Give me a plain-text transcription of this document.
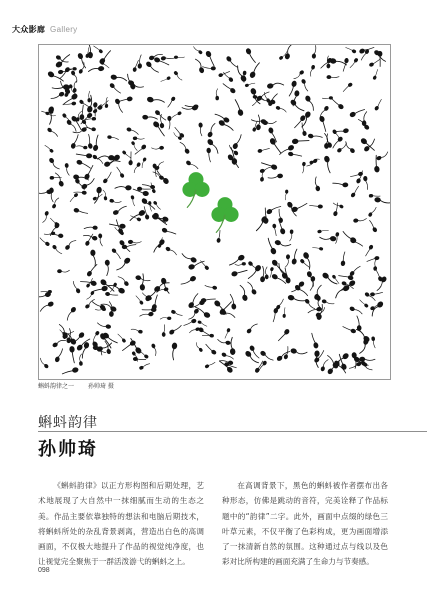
大众影廊 Gallery
蝌蚪韵律之一 孙帅琦 摄
蝌蚪韵律
孙帅琦
《蝌蚪韵律》以正方形构图和后期处理，艺术地展现了大自然中一抹细腻而生动的生态之美。作品主要依靠独特的想法和电脑后期技术，将蝌蚪所处的杂乱背景剥离，营造出白色的高调画面，不仅极大地提升了作品的视觉纯净度，也让视觉完全聚焦于一群活泼游弋的蝌蚪之上。
在高调背景下，黑色的蝌蚪被作者摆布出各种形态，仿佛是跳动的音符，完美诠释了作品标题中的“韵律”二字。此外，画面中点缀的绿色三叶草元素，不仅平衡了色彩构成，更为画面增添了一抹清新自然的氛围。这种通过点与线以及色彩对比所构建的画面充满了生命力与节奏感。
098
